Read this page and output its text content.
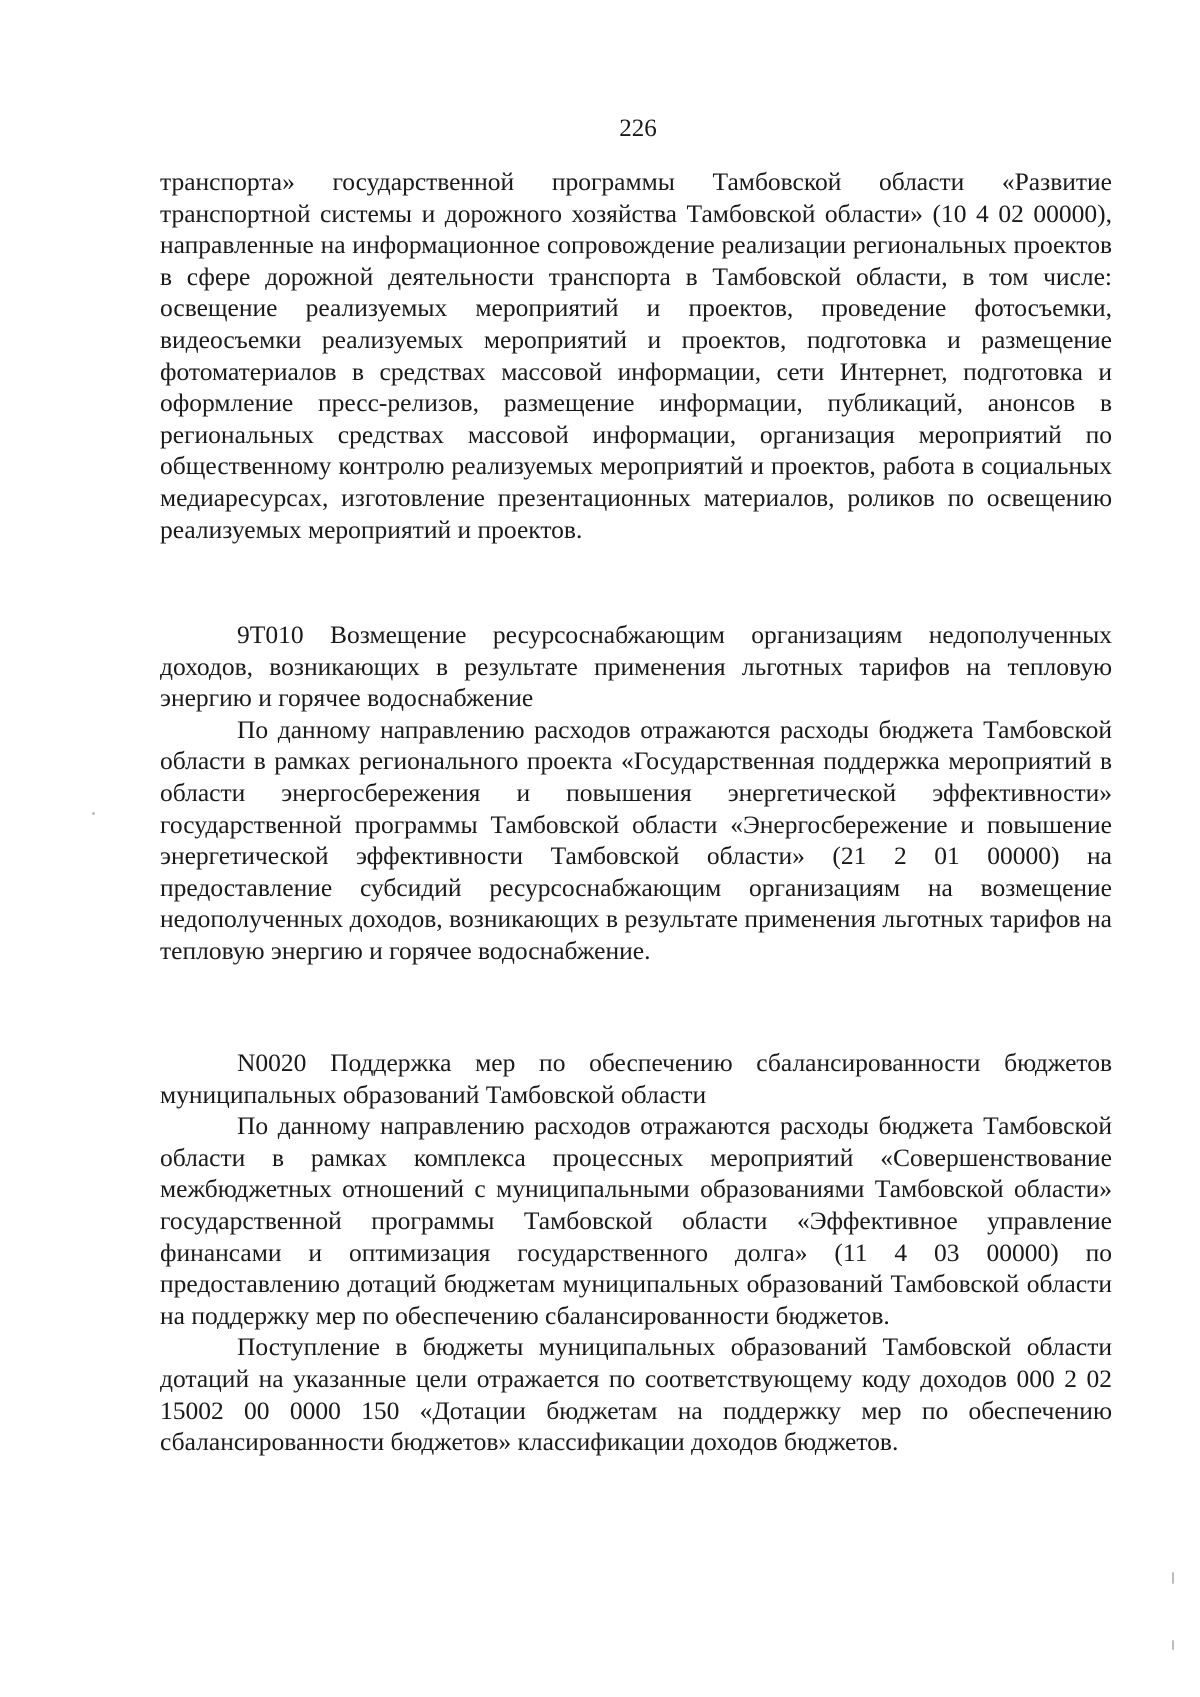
226

транспорта» государственной программы Тамбовской области «Развитие транспортной системы и дорожного хозяйства Тамбовской области» (10 4 02 00000), направленные на информационное сопровождение реализации региональных проектов в сфере дорожной деятельности транспорта в Тамбовской области, в том числе: освещение реализуемых мероприятий и проектов, проведение фотосъемки, видеосъемки реализуемых мероприятий и проектов, подготовка и размещение фотоматериалов в средствах массовой информации, сети Интернет, подготовка и оформление пресс-релизов, размещение информации, публикаций, анонсов в региональных средствах массовой информации, организация мероприятий по общественному контролю реализуемых мероприятий и проектов, работа в социальных медиаресурсах, изготовление презентационных материалов, роликов по освещению реализуемых мероприятий и проектов.

9Т010 Возмещение ресурсоснабжающим организациям недополученных доходов, возникающих в результате применения льготных тарифов на тепловую энергию и горячее водоснабжение

По данному направлению расходов отражаются расходы бюджета Тамбовской области в рамках регионального проекта «Государственная поддержка мероприятий в области энергосбережения и повышения энергетической эффективности» государственной программы Тамбовской области «Энергосбережение и повышение энергетической эффективности Тамбовской области» (21 2 01 00000) на предоставление субсидий ресурсоснабжающим организациям на возмещение недополученных доходов, возникающих в результате применения льготных тарифов на тепловую энергию и горячее водоснабжение.

N0020 Поддержка мер по обеспечению сбалансированности бюджетов муниципальных образований Тамбовской области

По данному направлению расходов отражаются расходы бюджета Тамбовской области в рамках комплекса процессных мероприятий «Совершенствование межбюджетных отношений с муниципальными образованиями Тамбовской области» государственной программы Тамбовской области «Эффективное управление финансами и оптимизация государственного долга» (11 4 03 00000) по предоставлению дотаций бюджетам муниципальных образований Тамбовской области на поддержку мер по обеспечению сбалансированности бюджетов.

Поступление в бюджеты муниципальных образований Тамбовской области дотаций на указанные цели отражается по соответствующему коду доходов 000 2 02 15002 00 0000 150 «Дотации бюджетам на поддержку мер по обеспечению сбалансированности бюджетов» классификации доходов бюджетов.
